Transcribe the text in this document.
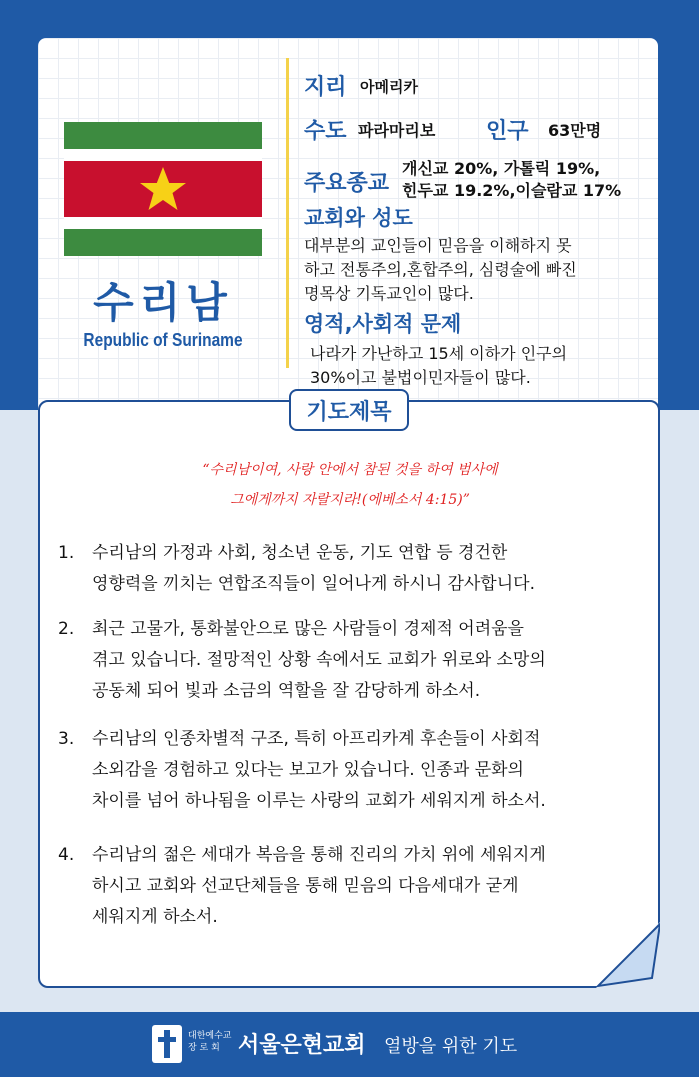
수리남
Republic of Suriname
지리 아메리카
수도 파라마리보 인구 63만명
주요종교
개신교 20%, 가톨릭 19%,
힌두교 19.2%,이슬람교 17%
교회와 성도
대부분의 교인들이 믿음을 이해하지 못
하고 전통주의,혼합주의, 심령술에 빠진
명목상 기독교인이 많다.
영적,사회적 문제
나라가 가난하고 15세 이하가 인구의
30%이고 불법이민자들이 많다.
기도제목
“수리남이여, 사랑 안에서 참된 것을 하여 범사에
그에게까지 자랄지라!(에베소서 4:15)”
1.	수리남의 가정과 사회, 청소년 운동, 기도 연합 등 경건한
영향력을 끼치는 연합조직들이 일어나게 하시니 감사합니다.
2.	최근 고물가, 통화불안으로 많은 사람들이 경제적 어려움을
겪고 있습니다. 절망적인 상황 속에서도 교회가 위로와 소망의
공동체 되어 빛과 소금의 역할을 잘 감당하게 하소서.
3.	수리남의 인종차별적 구조, 특히 아프리카계 후손들이 사회적
소외감을 경험하고 있다는 보고가 있습니다. 인종과 문화의
차이를 넘어 하나됨을 이루는 사랑의 교회가 세워지게 하소서.
4.	수리남의 젊은 세대가 복음을 통해 진리의 가치 위에 세워지게
하시고 교회와 선교단체들을 통해 믿음의 다음세대가 굳게
세워지게 하소서.
대한예수교
장 로 회 서울은현교회 열방을 위한 기도
